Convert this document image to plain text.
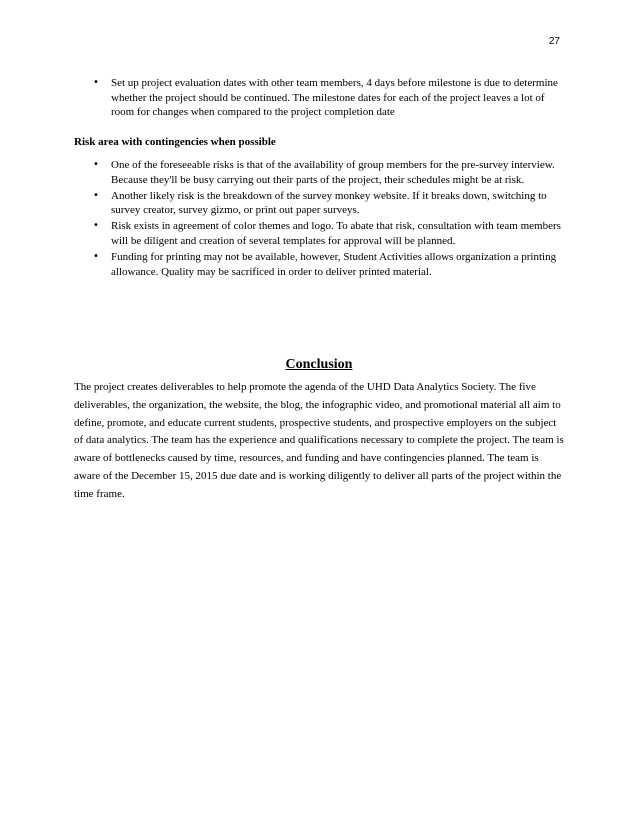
27
• Set up project evaluation dates with other team members, 4 days before milestone is due to determine whether the project should be continued. The milestone dates for each of the project leaves a lot of room for changes when compared to the project completion date
Risk area with contingencies when possible
• One of the foreseeable risks is that of the availability of group members for the pre-survey interview. Because they'll be busy carrying out their parts of the project, their schedules might be at risk.
• Another likely risk is the breakdown of the survey monkey website. If it breaks down, switching to survey creator, survey gizmo, or print out paper surveys.
• Risk exists in agreement of color themes and logo. To abate that risk, consultation with team members will be diligent and creation of several templates for approval will be planned.
• Funding for printing may not be available, however, Student Activities allows organization a printing allowance. Quality may be sacrificed in order to deliver printed material.
Conclusion

The project creates deliverables to help promote the agenda of the UHD Data Analytics Society. The five deliverables, the organization, the website, the blog, the infographic video, and promotional material all aim to define, promote, and educate current students, prospective students, and prospective employers on the subject of data analytics. The team has the experience and qualifications necessary to complete the project. The team is aware of bottlenecks caused by time, resources, and funding and have contingencies planned. The team is aware of the December 15, 2015 due date and is working diligently to deliver all parts of the project within the time frame.
